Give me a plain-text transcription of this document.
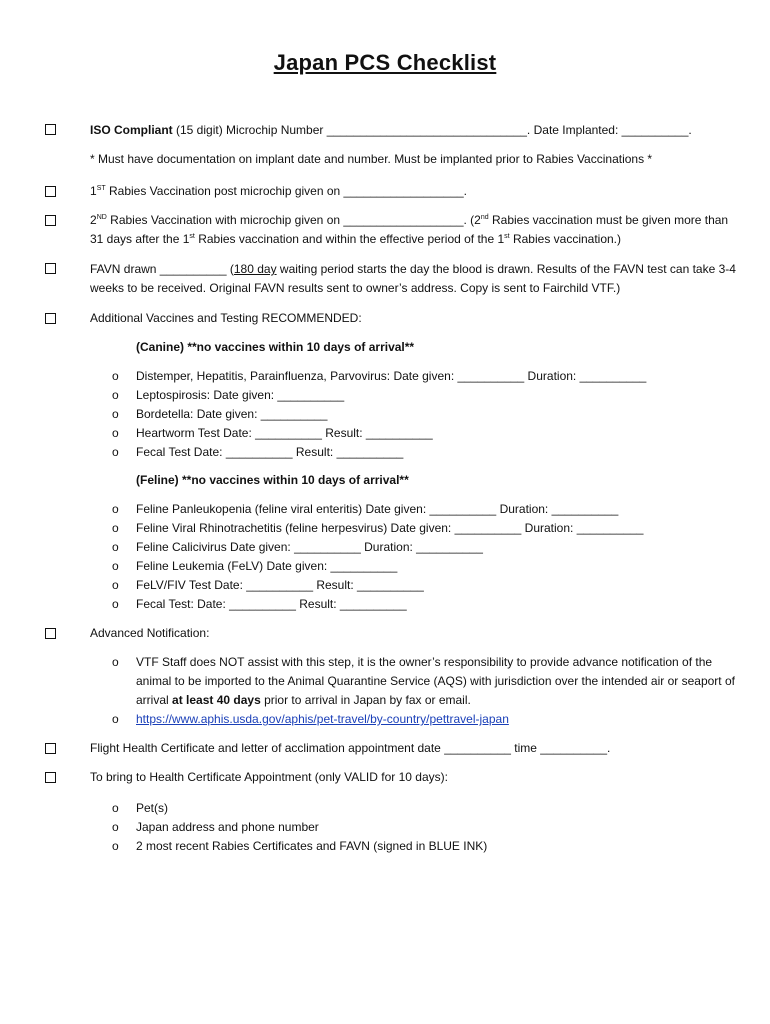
Japan PCS Checklist
ISO Compliant (15 digit) Microchip Number ______________________________. Date Implanted: __________.
* Must have documentation on implant date and number. Must be implanted prior to Rabies Vaccinations *
1ST Rabies Vaccination post microchip given on __________________.
2ND Rabies Vaccination with microchip given on __________________. (2nd Rabies vaccination must be given more than 31 days after the 1st Rabies vaccination and within the effective period of the 1st Rabies vaccination.)
FAVN drawn __________ (180 day waiting period starts the day the blood is drawn. Results of the FAVN test can take 3-4 weeks to be received. Original FAVN results sent to owner’s address. Copy is sent to Fairchild VTF.)
Additional Vaccines and Testing RECOMMENDED:
(Canine) **no vaccines within 10 days of arrival**
o	Distemper, Hepatitis, Parainfluenza, Parvovirus: Date given: __________ Duration: __________
o	Leptospirosis: Date given: __________
o	Bordetella: Date given: __________
o	Heartworm Test Date: __________ Result: __________
o	Fecal Test Date: __________ Result: __________
(Feline) **no vaccines within 10 days of arrival**
o	Feline Panleukopenia (feline viral enteritis) Date given: __________ Duration: __________
o	Feline Viral Rhinotrachetitis (feline herpesvirus) Date given: __________ Duration: __________
o	Feline Calicivirus Date given: __________ Duration: __________
o	Feline Leukemia (FeLV) Date given: __________
o	FeLV/FIV Test Date: __________ Result: __________
o	Fecal Test: Date: __________ Result: __________
Advanced Notification:
o	VTF Staff does NOT assist with this step, it is the owner’s responsibility to provide advance notification of the animal to be imported to the Animal Quarantine Service (AQS) with jurisdiction over the intended air or seaport of arrival at least 40 days prior to arrival in Japan by fax or email.
o	https://www.aphis.usda.gov/aphis/pet-travel/by-country/pettravel-japan
Flight Health Certificate and letter of acclimation appointment date __________ time __________.
To bring to Health Certificate Appointment (only VALID for 10 days):
o	Pet(s)
o	Japan address and phone number
o	2 most recent Rabies Certificates and FAVN (signed in BLUE INK)
